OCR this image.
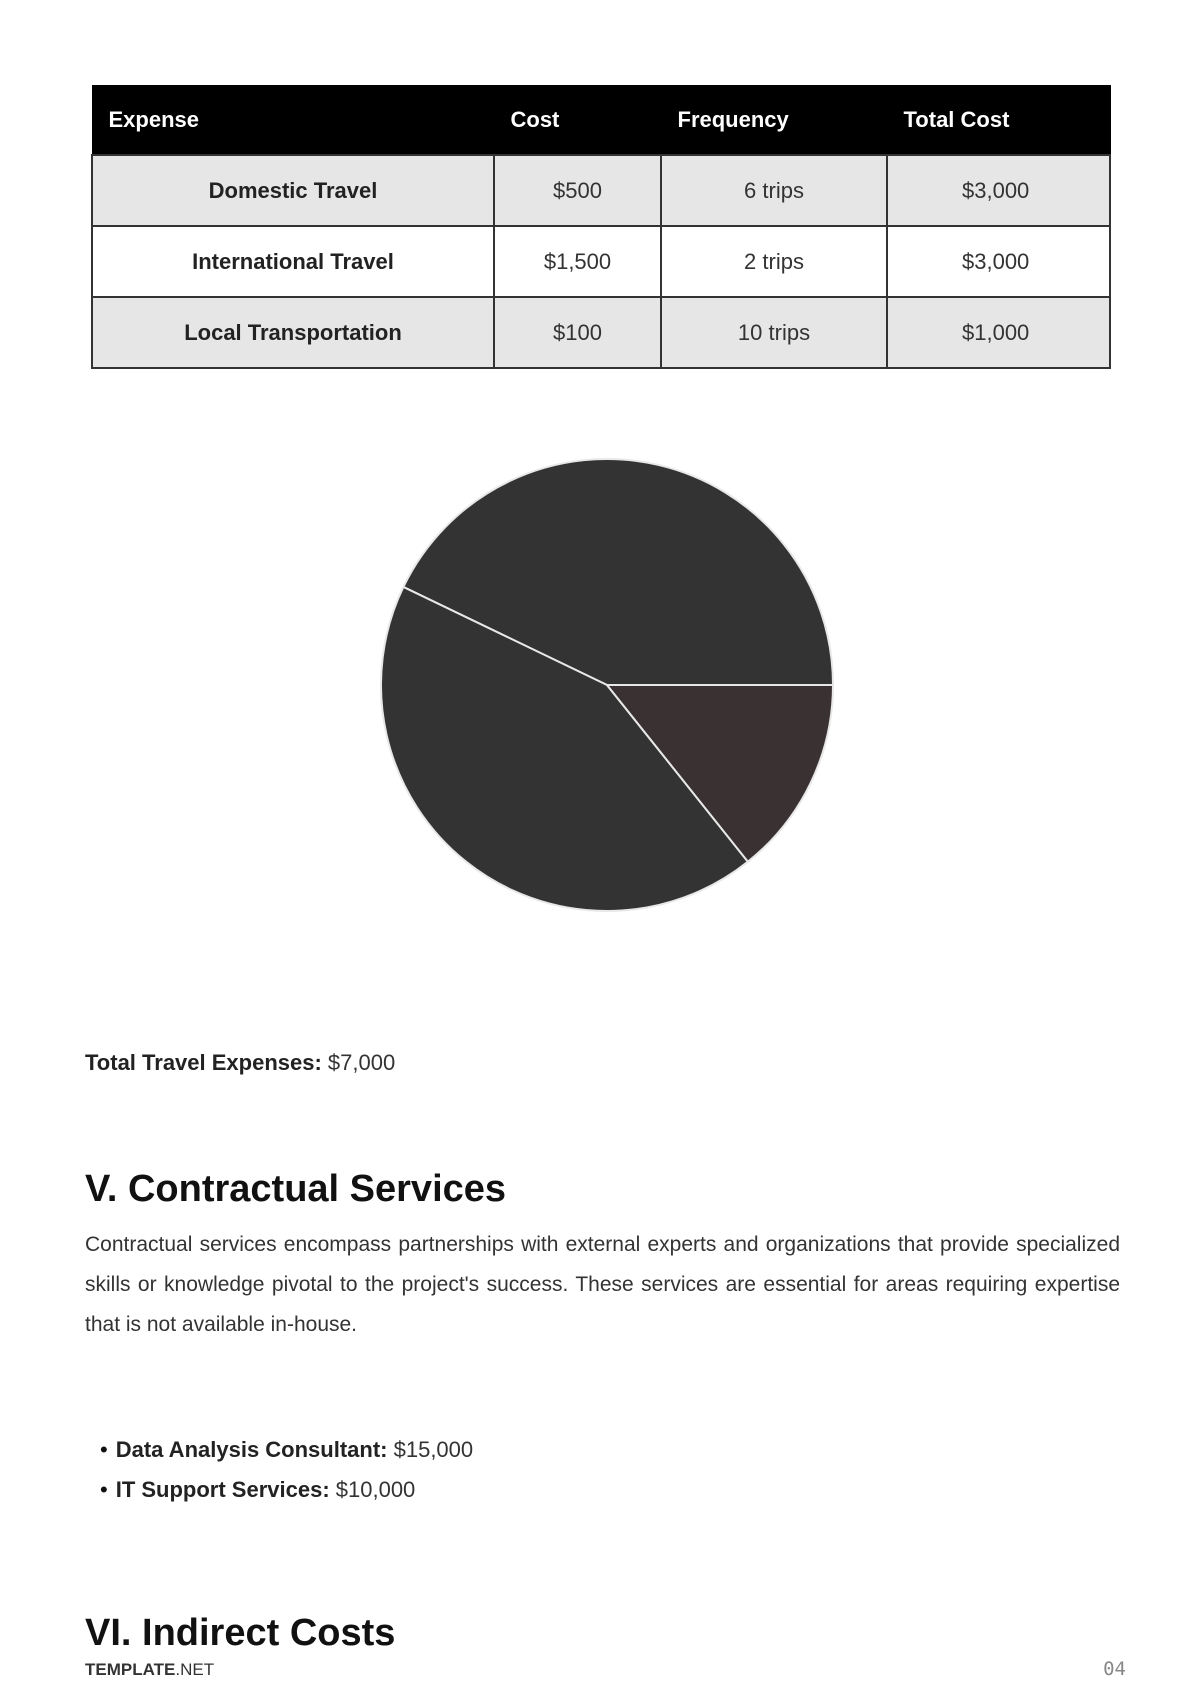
Expense	Cost	Frequency	Total Cost
Domestic Travel	$500	6 trips	$3,000
International Travel	$1,500	2 trips	$3,000
Local Transportation	$100	10 trips	$1,000
Total Travel Expenses: $7,000
V. Contractual Services

Contractual services encompass partnerships with external experts and organizations that provide specialized skills or knowledge pivotal to the project's success. These services are essential for areas requiring expertise that is not available in-house.

• Data Analysis Consultant: $15,000
• IT Support Services: $10,000
VI. Indirect Costs
TEMPLATE.NET	04
